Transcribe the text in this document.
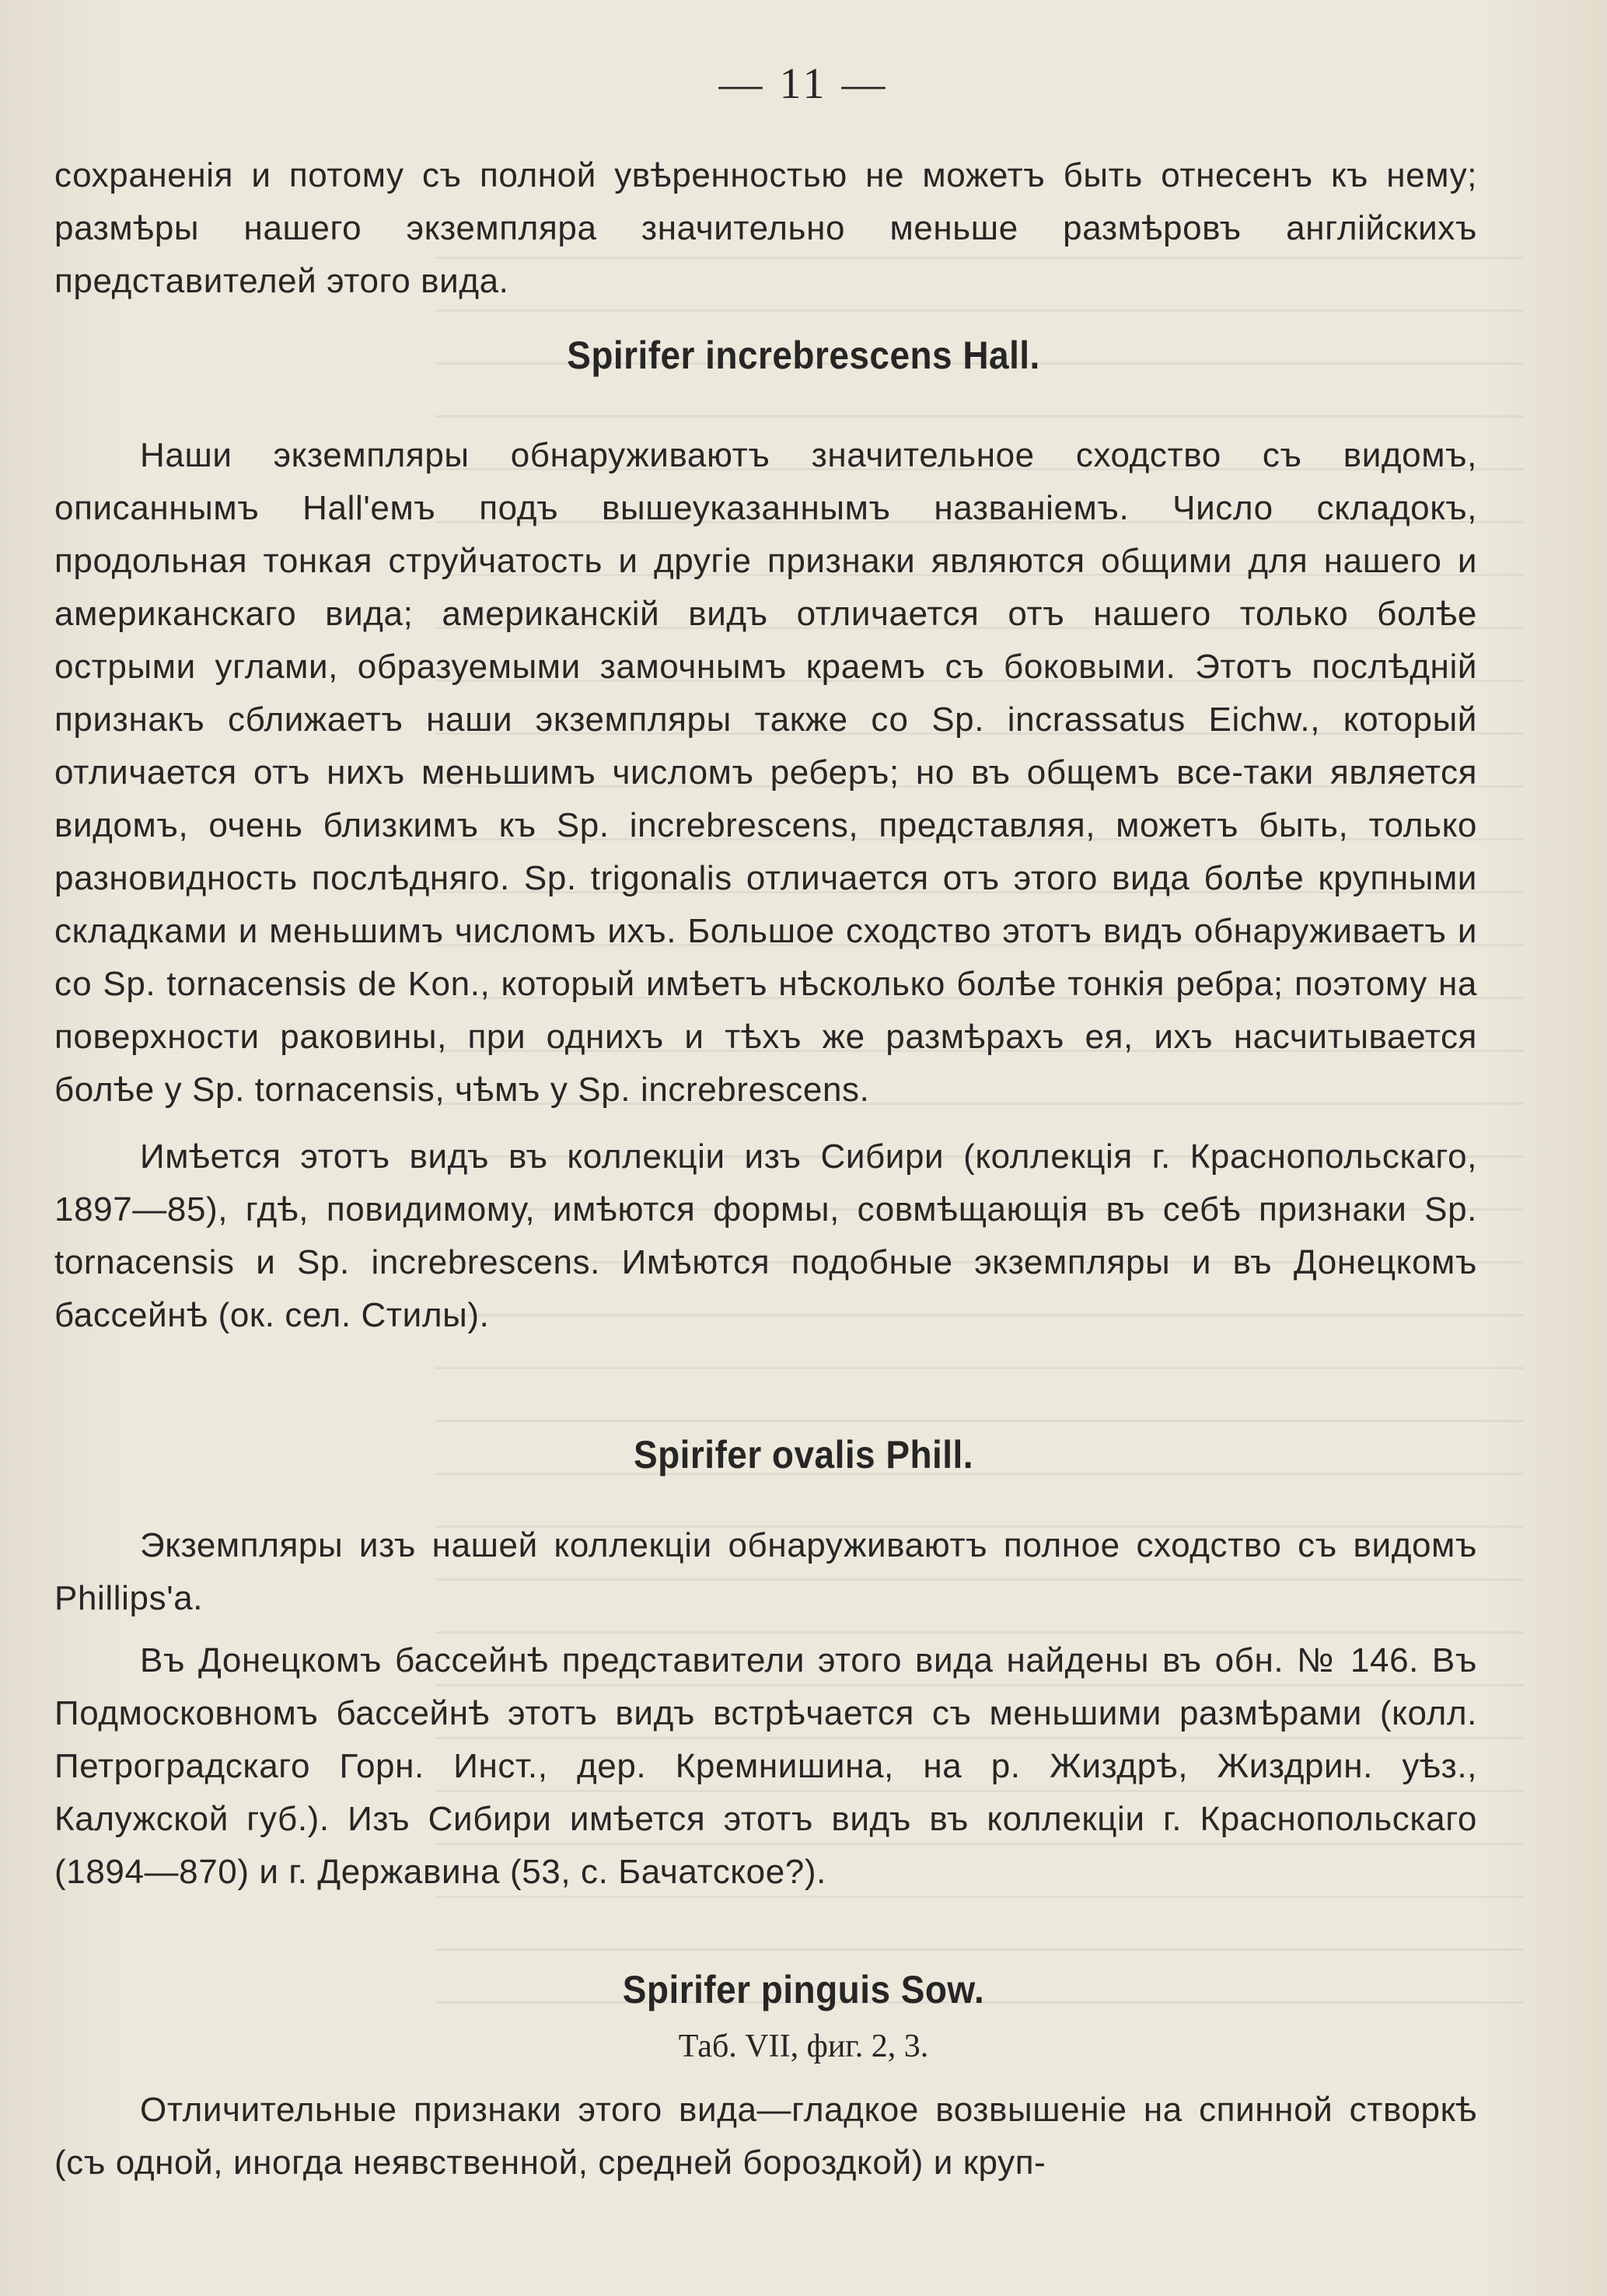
— 11 —

сохраненія и потому съ полной увѣренностью не можетъ быть отнесенъ къ нему; размѣры нашего экземпляра значительно меньше размѣровъ англійскихъ представителей этого вида.

Spirifer increbrescens Hall.

Наши экземпляры обнаруживаютъ значительное сходство съ видомъ, описаннымъ Hall'емъ подъ вышеуказаннымъ названіемъ. Число складокъ, продольная тонкая струйчатость и другіе признаки являются общими для нашего и американскаго вида; американскій видъ отличается отъ нашего только болѣе острыми углами, образуемыми замочнымъ краемъ съ боковыми. Этотъ послѣдній признакъ сближаетъ наши экземпляры также со Sp. incrassatus Eichw., который отличается отъ нихъ меньшимъ числомъ реберъ; но въ общемъ все-таки является видомъ, очень близкимъ къ Sp. increbrescens, представляя, можетъ быть, только разновидность послѣдняго. Sp. trigonalis отличается отъ этого вида болѣе крупными складками и меньшимъ числомъ ихъ. Большое сходство этотъ видъ обнаруживаетъ и со Sp. tornacensis de Kon., который имѣетъ нѣсколько болѣе тонкія ребра; поэтому на поверхности раковины, при однихъ и тѣхъ же размѣрахъ ея, ихъ насчитывается болѣе у Sp. tornacensis, чѣмъ у Sp. increbrescens.

Имѣется этотъ видъ въ коллекціи изъ Сибири (коллекція г. Краснопольскаго, 1897—85), гдѣ, повидимому, имѣются формы, совмѣщающія въ себѣ признаки Sp. tornacensis и Sp. increbrescens. Имѣются подобные экземпляры и въ Донецкомъ бассейнѣ (ок. сел. Стилы).

Spirifer ovalis Phill.

Экземпляры изъ нашей коллекціи обнаруживаютъ полное сходство съ видомъ Phillips'a.

Въ Донецкомъ бассейнѣ представители этого вида найдены въ обн. № 146. Въ Подмосковномъ бассейнѣ этотъ видъ встрѣчается съ меньшими размѣрами (колл. Петроградскаго Горн. Инст., дер. Кремнишина, на р. Жиздрѣ, Жиздрин. уѣз., Калужской губ.). Изъ Сибири имѣется этотъ видъ въ коллекціи г. Краснопольскаго (1894—870) и г. Державина (53, с. Бачатское?).

Spirifer pinguis Sow.
Таб. VII, фиг. 2, 3.

Отличительные признаки этого вида—гладкое возвышеніе на спинной створкѣ (съ одной, иногда неявственной, средней бороздкой) и круп-
